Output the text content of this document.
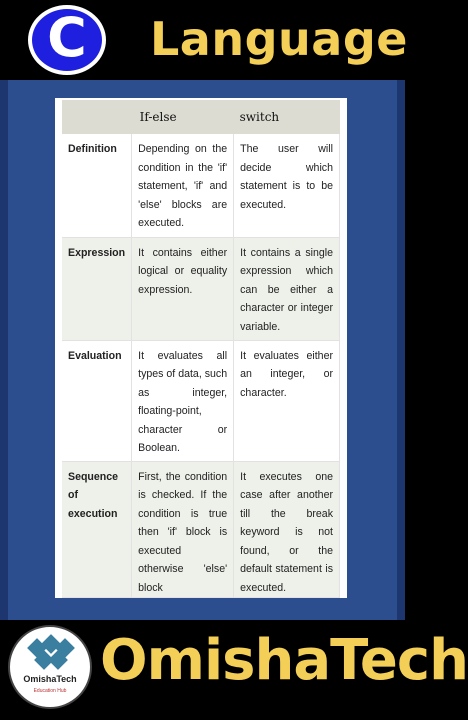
C Language
	If-else	switch
Definition	Depending on the condition in the 'if' statement, 'if' and 'else' blocks are executed.	The user will decide which statement is to be executed.
Expression	It contains either logical or equality expression.	It contains a single expression which can be either a character or integer variable.
Evaluation	It evaluates all types of data, such as integer, floating-point, character or Boolean.	It evaluates either an integer, or character.
Sequence of execution	First, the condition is checked. If the condition is true then 'if' block is executed otherwise 'else' block	It executes one case after another till the break keyword is not found, or the default statement is executed.
OmishaTech
Education Hub OmishaTech
